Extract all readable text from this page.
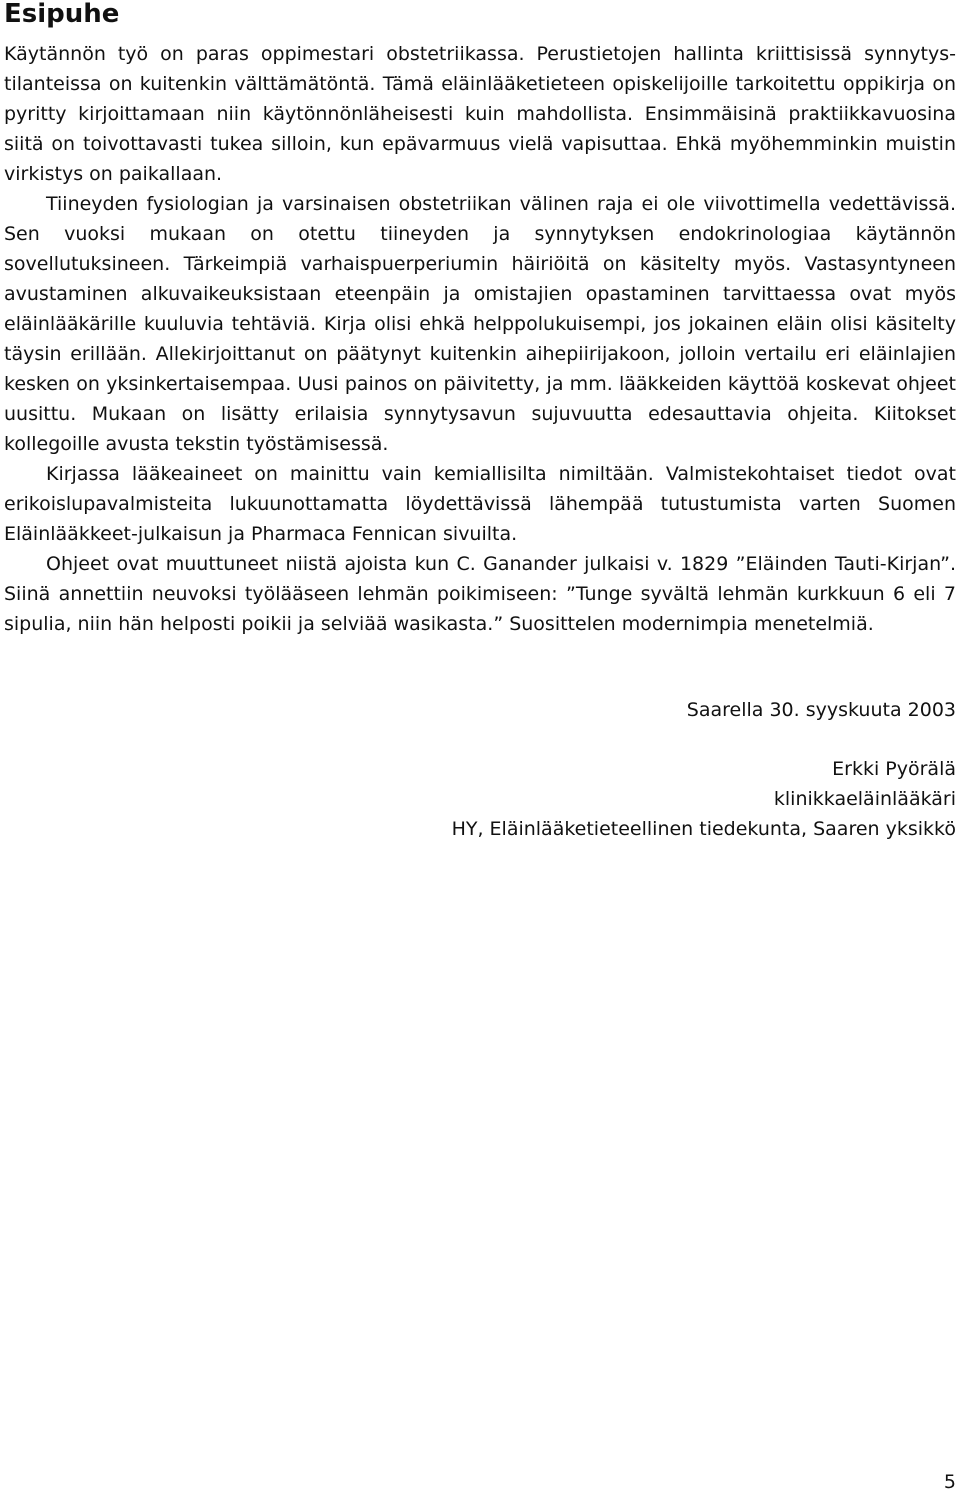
Esipuhe

Käytännön työ on paras oppimestari obstetriikassa. Perustietojen hallinta kriittisissä synnytystilanteissa on kuitenkin välttämätöntä. Tämä eläinlääketieteen opiskelijoille tarkoitettu oppikirja on pyritty kirjoittamaan niin käytönnönläheisesti kuin mahdollista. Ensimmäisinä praktiikkavuosina siitä on toivottavasti tukea silloin, kun epävarmuus vielä vapisuttaa. Ehkä myöhemminkin muistin virkistys on paikallaan.

Tiineyden fysiologian ja varsinaisen obstetriikan välinen raja ei ole viivottimella vedettävissä. Sen vuoksi mukaan on otettu tiineyden ja synnytyksen endokrinologiaa käytännön sovellutuksineen. Tärkeimpiä varhaispuerperiumin häiriöitä on käsitelty myös. Vastasyntyneen avustaminen alkuvaikeuksistaan eteenpäin ja omistajien opastaminen tarvittaessa ovat myös eläinlääkärille kuuluvia tehtäviä. Kirja olisi ehkä helppolukuisempi, jos jokainen eläin olisi käsitelty täysin erillään. Allekirjoittanut on päätynyt kuitenkin aihepiirijakoon, jolloin vertailu eri eläinlajien kesken on yksinkertaisempaa. Uusi painos on päivitetty, ja mm. lääkkeiden käyttöä koskevat ohjeet uusittu. Mukaan on lisätty erilaisia synnytysavun sujuvuutta edesauttavia ohjeita. Kiitokset kollegoille avusta tekstin työstämisessä.

Kirjassa lääkeaineet on mainittu vain kemiallisilta nimiltään. Valmistekohtaiset tiedot ovat erikoislupavalmisteita lukuunottamatta löydettävissä lähempää tutustumista varten Suomen Eläinlääkkeet-julkaisun ja Pharmaca Fennican sivuilta.

Ohjeet ovat muuttuneet niistä ajoista kun C. Ganander julkaisi v. 1829 ”Eläinden Tauti-Kirjan”. Siinä annettiin neuvoksi työlääseen lehmän poikimiseen: ”Tunge syvältä lehmän kurkkuun 6 eli 7 sipulia, niin hän helposti poikii ja selviää wasikasta.” Suosittelen modernimpia menetelmiä.

Saarella 30. syyskuuta 2003
Erkki Pyörälä
klinikkaeläinlääkäri
HY, Eläinlääketieteellinen tiedekunta, Saaren yksikkö
5
